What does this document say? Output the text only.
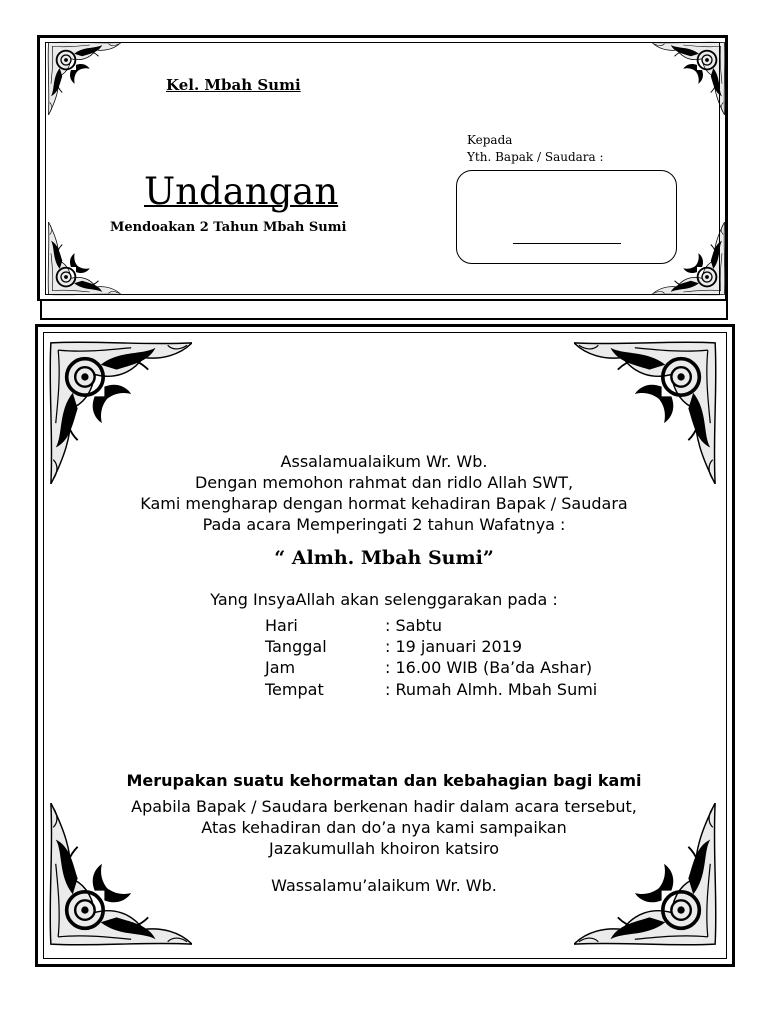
Kel. Mbah Sumi
Undangan
Mendoakan 2 Tahun Mbah Sumi
Kepada
Yth. Bapak / Saudara :
Assalamualaikum Wr. Wb.
Dengan memohon rahmat dan ridlo Allah SWT,
Kami mengharap dengan hormat kehadiran Bapak / Saudara
Pada acara Memperingati 2 tahun Wafatnya :
“ Almh. Mbah Sumi”
Yang InsyaAllah akan selenggarakan pada :
Hari	: Sabtu
Tanggal	: 19 januari 2019
Jam	: 16.00 WIB (Ba’da Ashar)
Tempat	: Rumah Almh. Mbah Sumi
Merupakan suatu kehormatan dan kebahagian bagi kami
Apabila Bapak / Saudara berkenan hadir dalam acara tersebut,
Atas kehadiran dan do’a nya kami sampaikan
Jazakumullah khoiron katsiro
Wassalamu’alaikum Wr. Wb.
